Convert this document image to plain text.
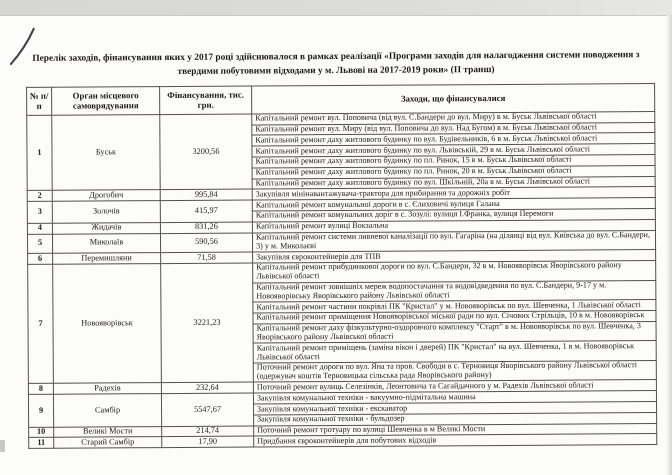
Перелік заходів, фінансування яких у 2017 році здійснювалося в рамках реалізації «Програми заходів для налагодження системи поводження з твердими побутовими відходами у м. Львові на 2017-2019 роки» (ІІ транш)
№ п/п	Орган місцевого самоврядування	Фінансування, тис. грн.	Заходи, що фінансувалися
1	Буськ	3200,56	Капітальний ремонт вул. Поповича (від вул. С.Бандери до вул. Миру) в м. Буськ Львівської області
			Капітальний ремонт вул. Миру (від вул. Поповича до вул. Над Бугом) в м. Буськ Львівської області
			Капітальний ремонт даху житлового будинку по вул. Будівельників, 6 в м. Буськ Львівської області
			Капітальний ремонт даху житлового будинку по вул. Львівській, 29 в м. Буськ Львівської області
			Капітальний ремонт даху житлового будинку по пл. Ринок, 15 в м. Буськ Львівської області
			Капітальний ремонт даху житлового будинку по пл. Ринок, 20 в м. Буськ Львівської області
			Капітальний ремонт даху житлового будинку по вул. Шкільній, 20а в м. Буськ Львівської області
2	Дрогобич	995,84	Закупівля мінінавантажувача-трактора для прибирання та дорожніх робіт
3	Золочів	415,97	Капітальний ремонт комунальної дороги в с. Єлиховичі вулиця Галана
			Капітальний ремонт комунальних доріг в с. Зозулі: вулиця І.Франка, вулиця Перемоги
4	Жидачів	831,26	Капітальний ремонт вулиці Вокзальна
5	Миколаїв	590,56	Капітальний ремонт системи ливневої каналізації по вул. Гагаріна (на ділянці від вул. Київська до вул. С.Бандери, 3) у м. Миколаєві
6	Перемишляни	71,58	Закупівля євроконтейнерів для ТПВ
7	Новояворівськ	3221,23	Капітальний ремонт прибудинкової дороги по вул. С.Бандери, 32 в м. Новояворівськ Яворівського району Львівської області
			Капітальний ремонт зовнішніх мереж водопостачання та водовідведення по вул. С.Бандери, 9-17 у м. Новояворівську Яворівського району Львівської області
			Капітальний ремонт частини покрівлі ПК "Кристал" у м. Новояворівськ по вул. Шевченка, 1 Львівської області
			Капітальний ремонт приміщення Новояворівської міської ради по вул. Січових Стрільців, 10 в м. Новояворівськ
			Капітальний ремонт даху фізкультурно-оздоровчого комплексу "Старт" в м. Новояворівськ по вул. Шевченка, 3 Яворівського району Львівської області
			Капітальний ремонт приміщень (заміна вікон і дверей) ПК "Кристал" на вул. Шевченка, 1 в м. Новояворівськ Львівської області
			Поточний ремонт дороги по вул. Яна та пров. Свободи в с. Терновиця Яворівського району Львівської області (одержувач коштів Терновицька сільська рада Яворівського району)
8	Радехів	232,64	Поточний ремонт вулиць Селезінків, Леонтовича та Сагайдачного у м. Радехів Львівської області
9	Самбір	5547,67	Закупівля комунальної техніки - вакуумно-підмітальна машина
			Закупівля комунальної техніки - екскаватор
			Закупівля комунальної техніки - бульдозер
10	Великі Мости	214,74	Поточний ремонт тротуару по вулиці Шевченка в м Великі Мости
11	Старий Самбір	17,90	Придбання євроконтейнерів для побутових відходів
